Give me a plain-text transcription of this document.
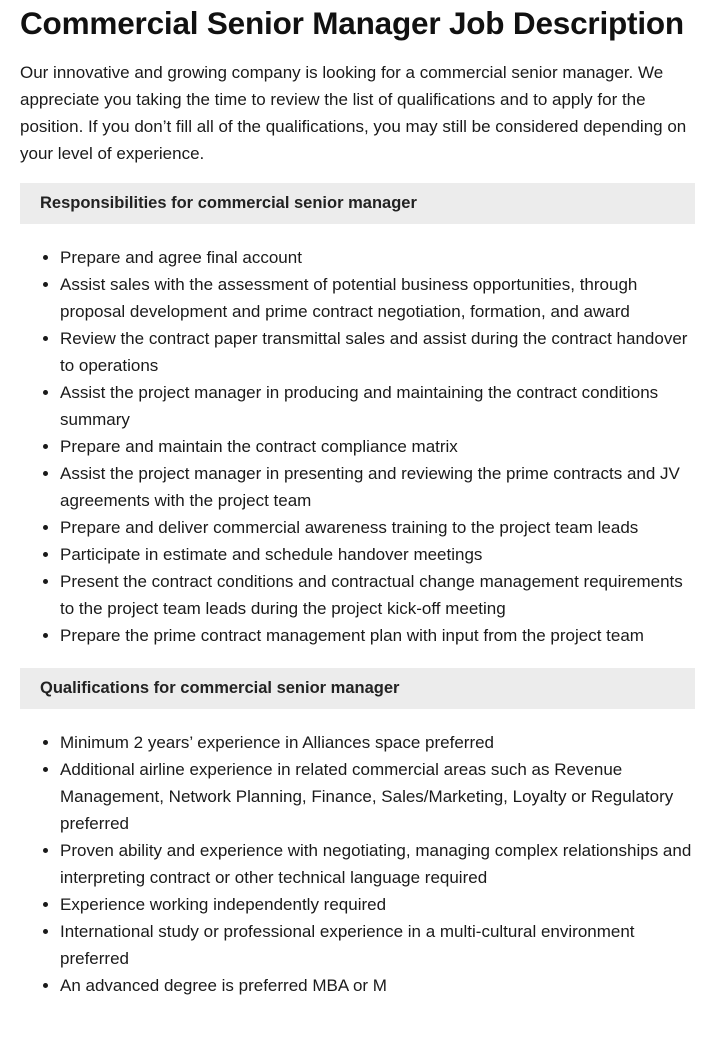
Commercial Senior Manager Job Description

Our innovative and growing company is looking for a commercial senior manager. We appreciate you taking the time to review the list of qualifications and to apply for the position. If you don’t fill all of the qualifications, you may still be considered depending on your level of experience.

Responsibilities for commercial senior manager
• Prepare and agree final account
• Assist sales with the assessment of potential business opportunities, through proposal development and prime contract negotiation, formation, and award
• Review the contract paper transmittal sales and assist during the contract handover to operations
• Assist the project manager in producing and maintaining the contract conditions summary
• Prepare and maintain the contract compliance matrix
• Assist the project manager in presenting and reviewing the prime contracts and JV agreements with the project team
• Prepare and deliver commercial awareness training to the project team leads
• Participate in estimate and schedule handover meetings
• Present the contract conditions and contractual change management requirements to the project team leads during the project kick-off meeting
• Prepare the prime contract management plan with input from the project team
Qualifications for commercial senior manager
• Minimum 2 years’ experience in Alliances space preferred
• Additional airline experience in related commercial areas such as Revenue Management, Network Planning, Finance, Sales/Marketing, Loyalty or Regulatory preferred
• Proven ability and experience with negotiating, managing complex relationships and interpreting contract or other technical language required
• Experience working independently required
• International study or professional experience in a multi-cultural environment preferred
• An advanced degree is preferred MBA or M
